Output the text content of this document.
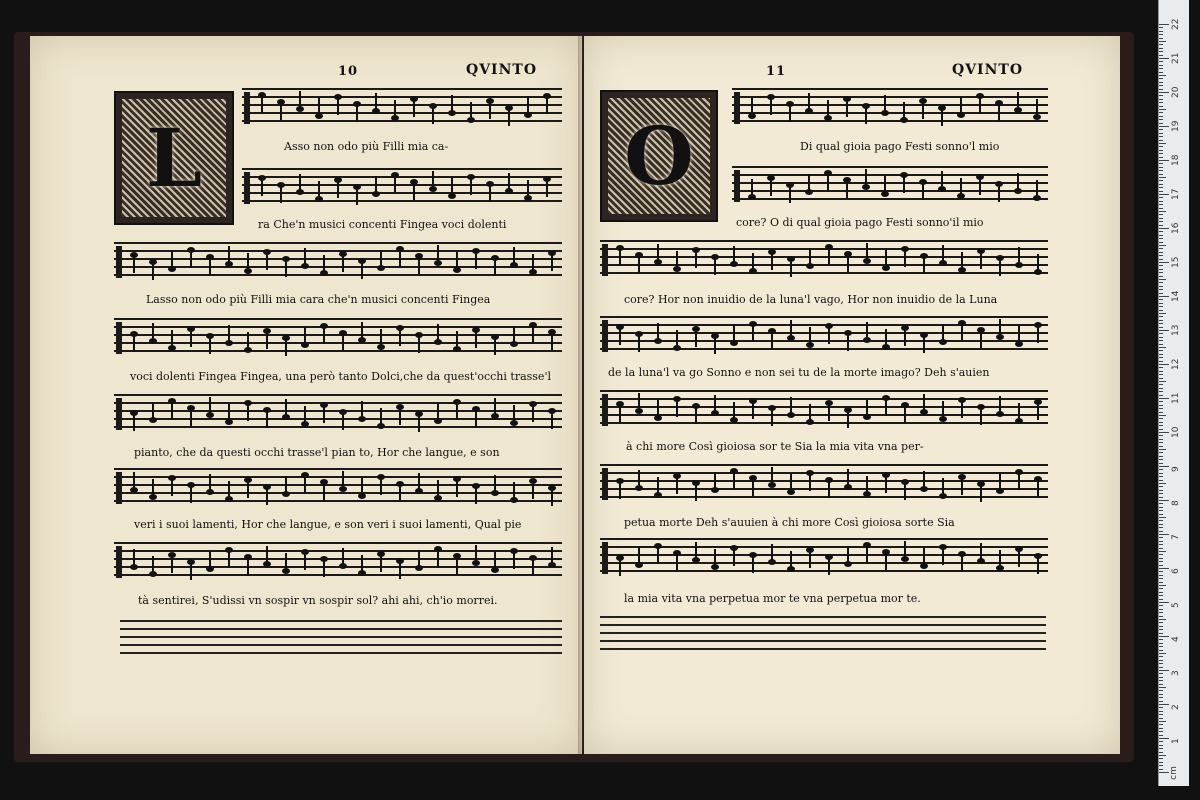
10	QVINTO
L	Asso non odo più Filli mia ca-
ra Che'n musici concenti Fingea voci dolenti
Lasso non odo più Filli mia cara che'n musici concenti Fingea
voci dolenti Fingea Fingea, una però tanto Dolci,che da quest'occhi trasse'l
pianto, che da questi occhi trasse'l pian to, Hor che langue, e son
veri i suoi lamenti, Hor che langue, e son veri i suoi lamenti, Qual pie
tà sentirei, S'udissi vn sospir vn sospir sol? ahi ahi, ch'io morrei.
11	QVINTO
O	Di qual gioia pago Festi sonno'l mio
core? O di qual gioia pago Festi sonno'il mio
core? Hor non inuidio de la luna'l vago, Hor non inuidio de la Luna
de la luna'l va go Sonno e non sei tu de la morte imago? Deh s'auien
à chi more Così gioiosa sor te Sia la mia vita vna per-
petua morte Deh s'auuien à chi more Così gioiosa sorte Sia
la mia vita vna perpetua mor te vna perpetua mor te.
cm
1
2
3
4
5
6
7
8
9
10
11
12
13
14
15
16
17
18
19
20
21
22
